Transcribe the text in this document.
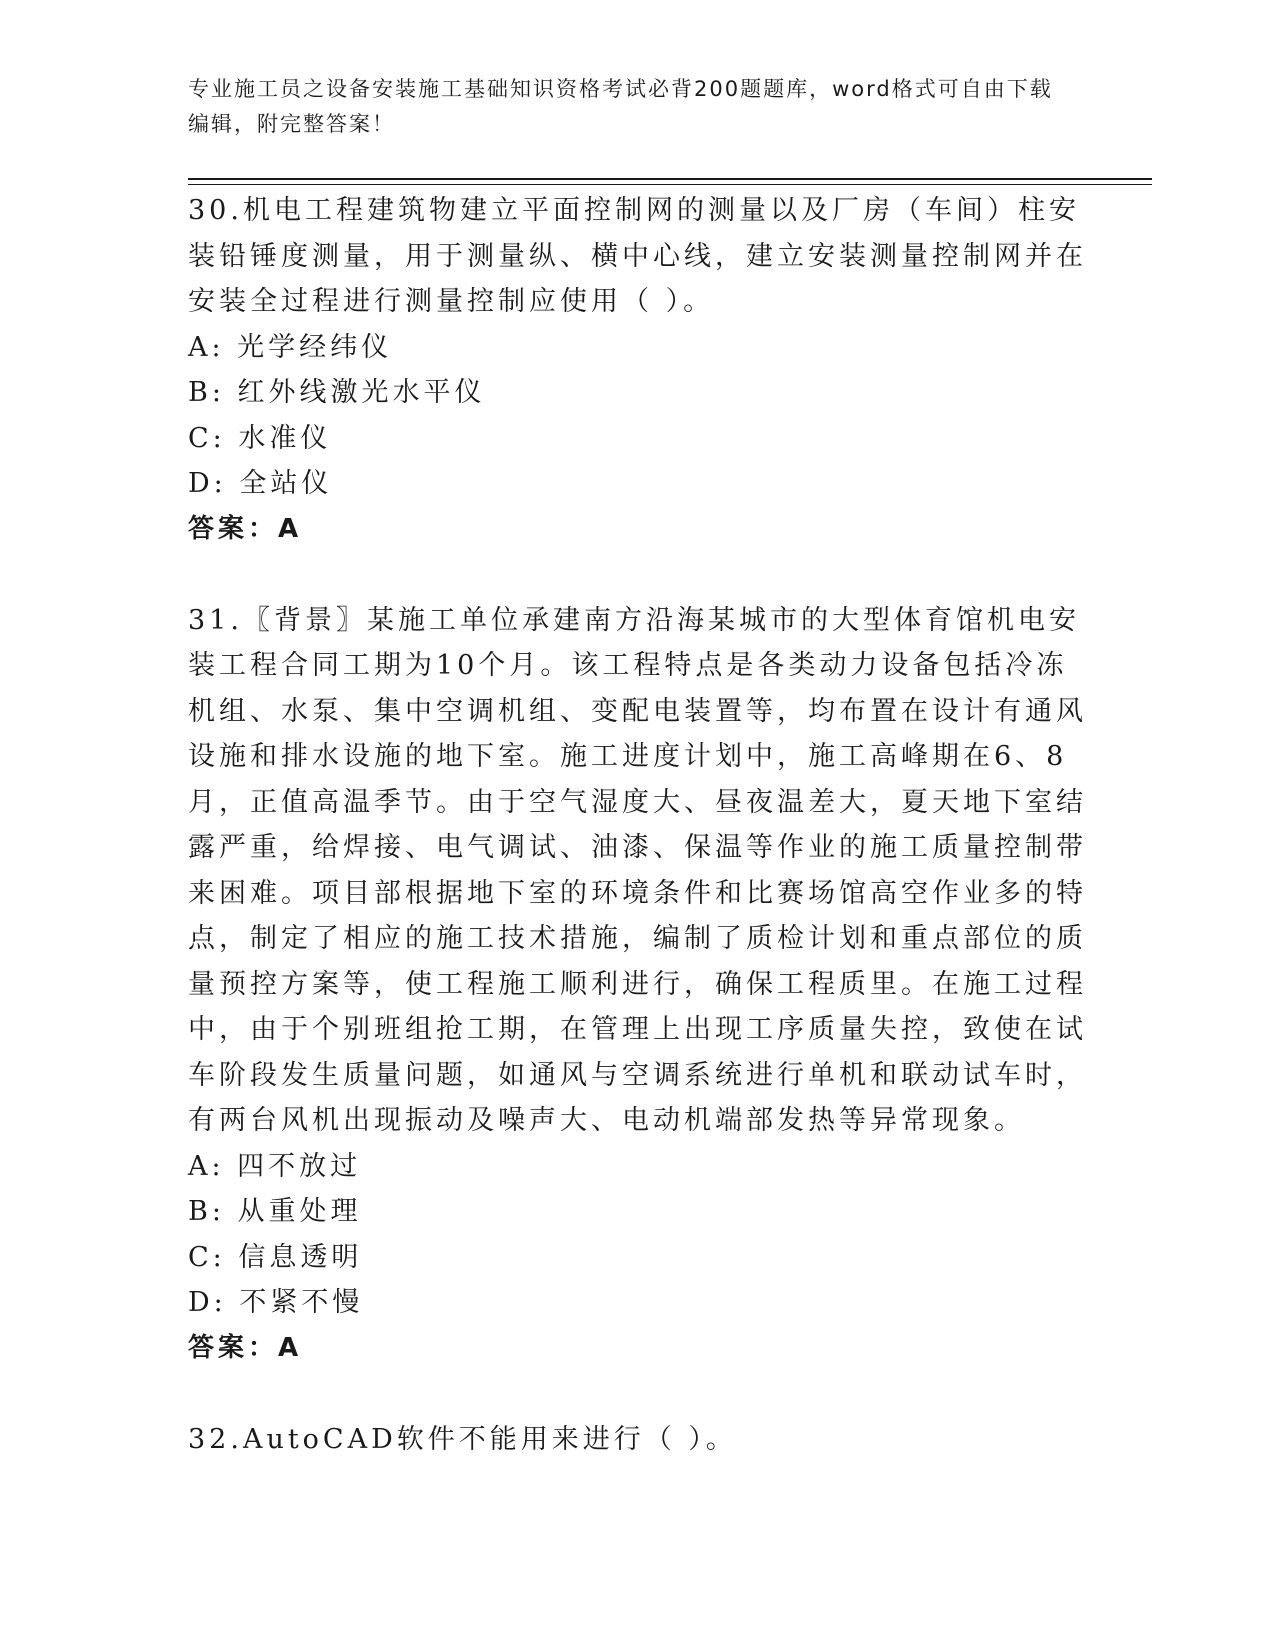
专业施工员之设备安装施工基础知识资格考试必背200题题库，word格式可自由下载编辑，附完整答案！
30.机电工程建筑物建立平面控制网的测量以及厂房（车间）柱安装铅锤度测量，用于测量纵、横中心线，建立安装测量控制网并在安装全过程进行测量控制应使用（ ）。
A: 光学经纬仪
B: 红外线激光水平仪
C: 水准仪
D: 全站仪
答案：A
31.〖背景〗某施工单位承建南方沿海某城市的大型体育馆机电安装工程合同工期为10个月。该工程特点是各类动力设备包括冷冻机组、水泵、集中空调机组、变配电装置等，均布置在设计有通风设施和排水设施的地下室。施工进度计划中，施工高峰期在6、8月，正值高温季节。由于空气湿度大、昼夜温差大，夏天地下室结露严重，给焊接、电气调试、油漆、保温等作业的施工质量控制带来困难。项目部根据地下室的环境条件和比赛场馆高空作业多的特点，制定了相应的施工技术措施，编制了质检计划和重点部位的质量预控方案等，使工程施工顺利进行，确保工程质里。在施工过程中，由于个别班组抢工期，在管理上出现工序质量失控，致使在试车阶段发生质量问题，如通风与空调系统进行单机和联动试车时，有两台风机出现振动及噪声大、电动机端部发热等异常现象。
A: 四不放过
B: 从重处理
C: 信息透明
D: 不紧不慢
答案：A
32.AutoCAD软件不能用来进行（ ）。
